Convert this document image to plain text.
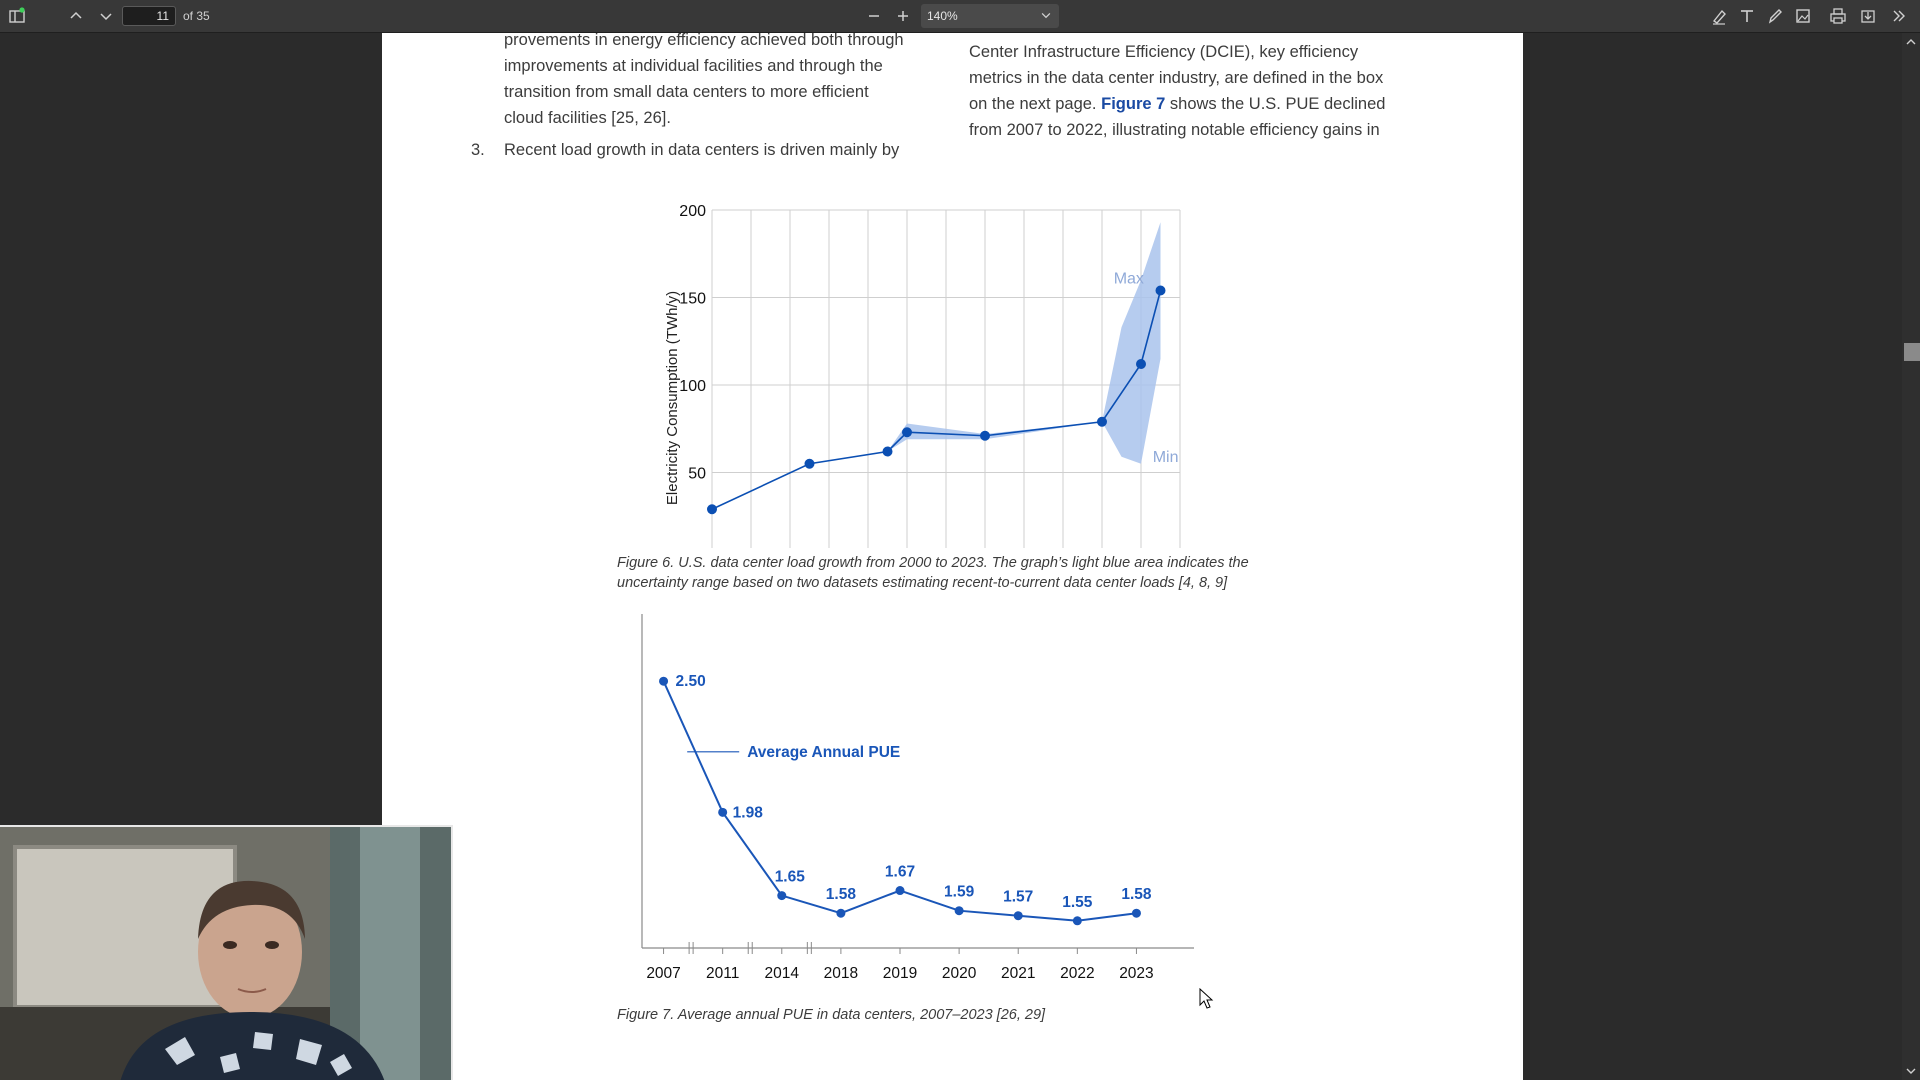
11
of 35	140%

provements in energy efficiency achieved both through

improvements at individual facilities and through the

transition from small data centers to more efficient

cloud facilities [25, 26].

3. Recent load growth in data centers is driven mainly by

Center Infrastructure Efficiency (DCIE), key efficiency

metrics in the data center industry, are defined in the box

on the next page. Figure 7 shows the U.S. PUE declined

from 2007 to 2022, illustrating notable efficiency gains in

50
100
150
200
Electricity Consumption (TWh/y)
Max
Min

Figure 6. U.S. data center load growth from 2000 to 2023. The graph’s light blue area indicates the

uncertainty range based on two datasets estimating recent-to-current data center loads [4, 8, 9]

2.50
1.98
1.65
1.58
1.67
1.59 1.57 1.55 1.58
2007 2011 2014 2018 2019 2020 2021 2022 2023
Average Annual PUE

Figure 7. Average annual PUE in data centers, 2007–2023 [26, 29]
